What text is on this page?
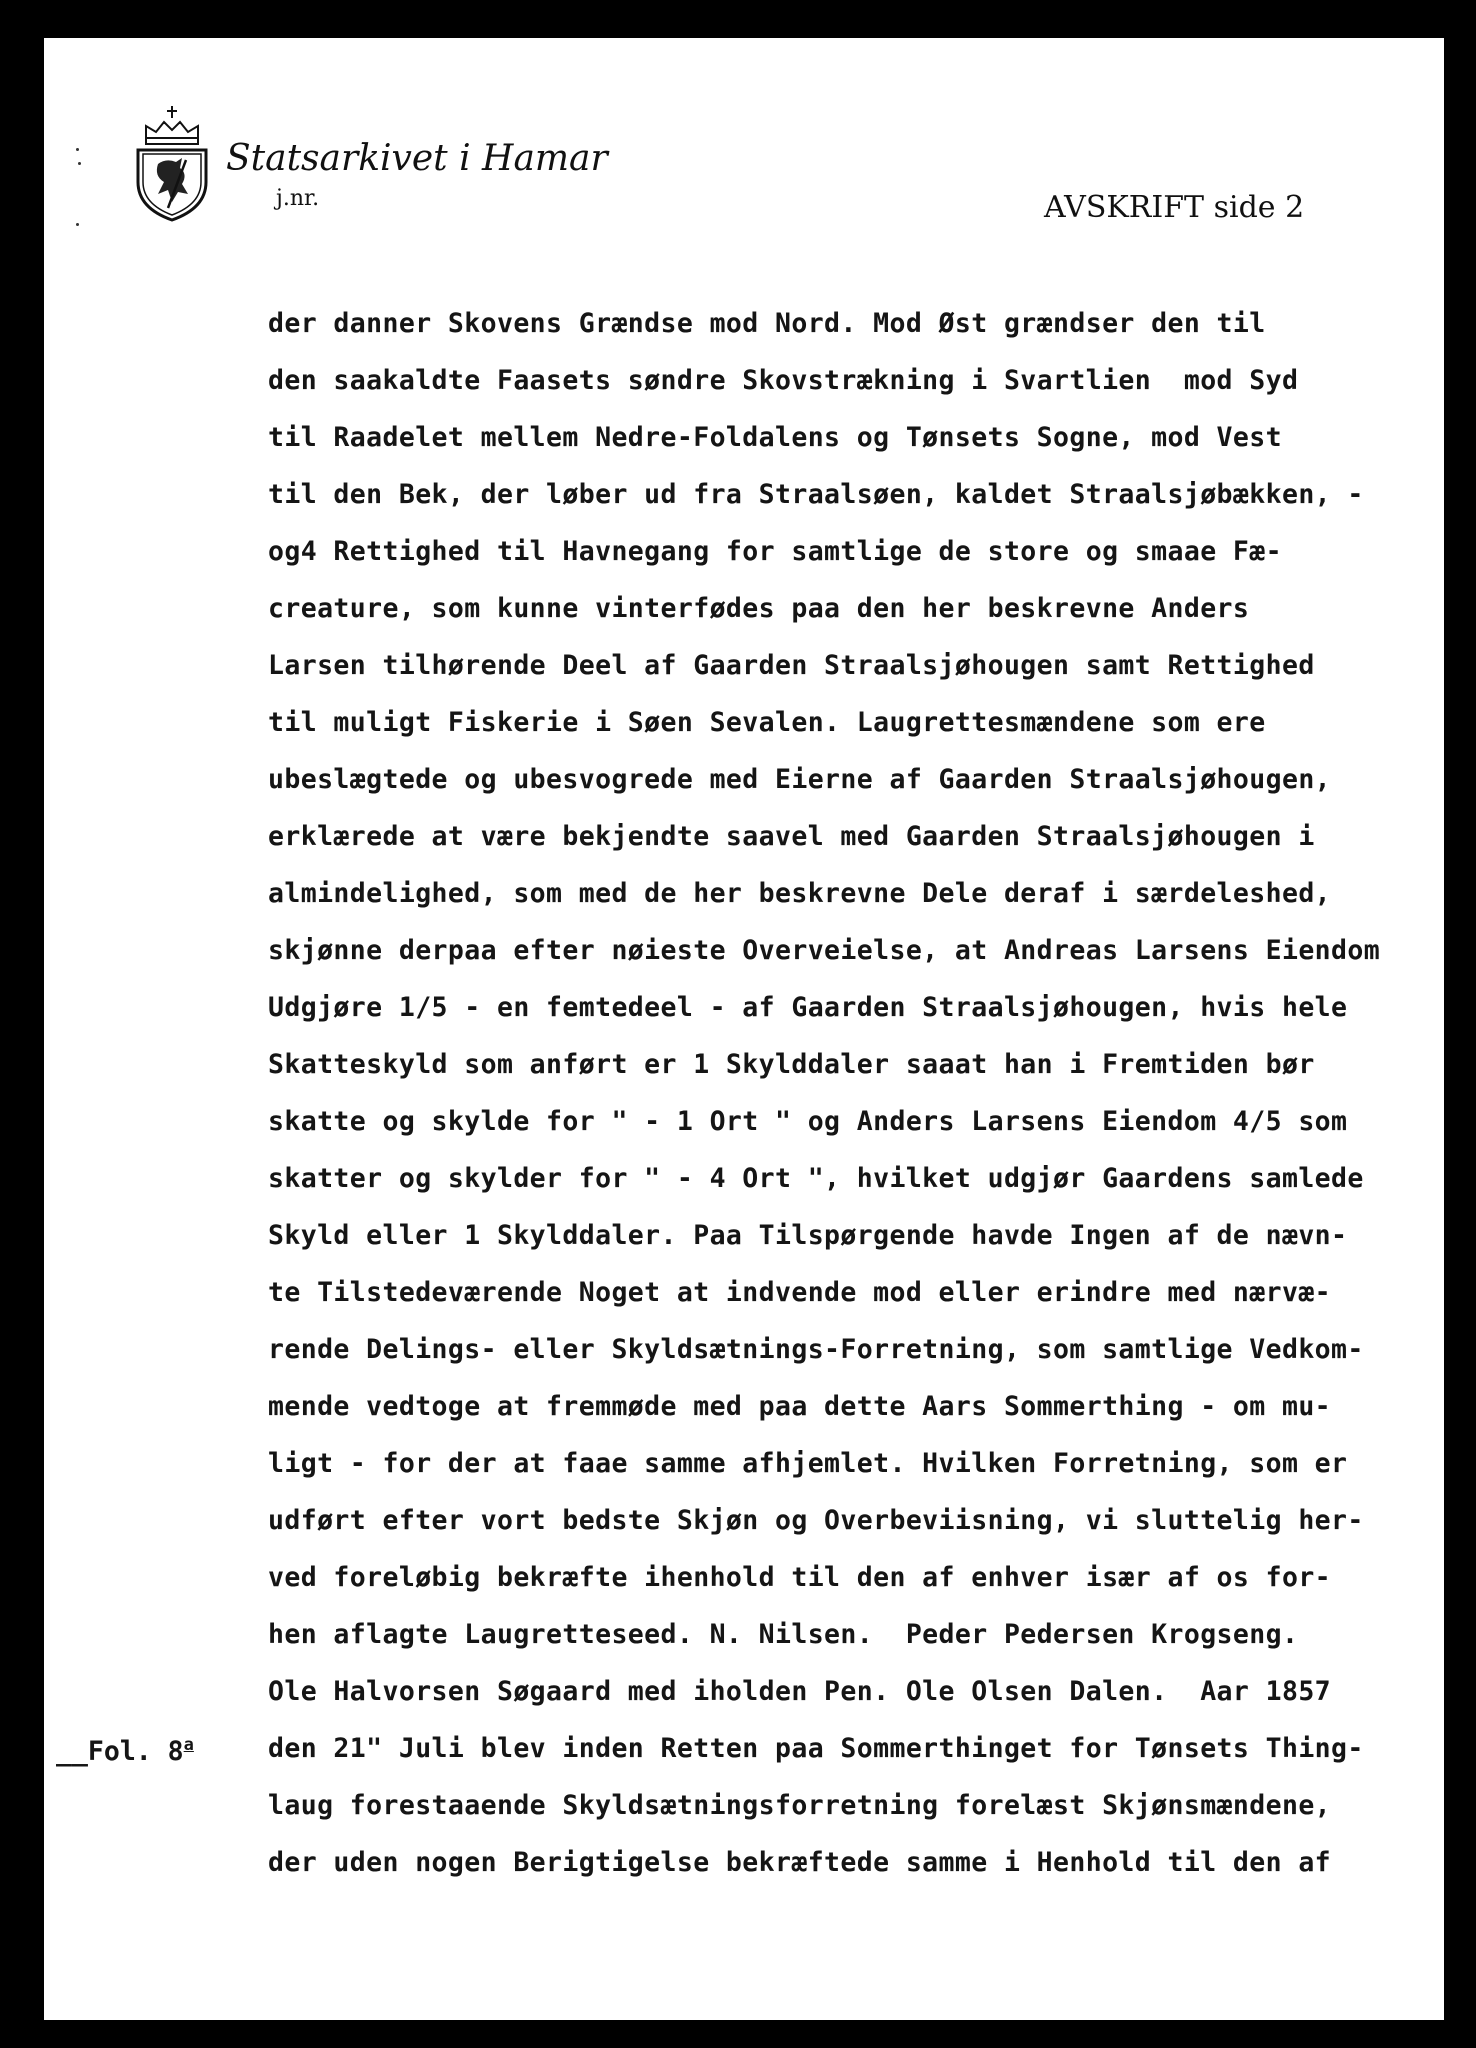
Statsarkivet i Hamar
j.nr.	AVSKRIFT side 2
__Fol. 8$^a$
der danner Skovens Grændse mod Nord. Mod Øst grændser den til
den saakaldte Faasets søndre Skovstrækning i Svartlien  mod Syd
til Raadelet mellem Nedre-Foldalens og Tønsets Sogne, mod Vest
til den Bek, der løber ud fra Straalsøen, kaldet Straalsjøbækken, -
og4 Rettighed til Havnegang for samtlige de store og smaae Fæ-
creature, som kunne vinterfødes paa den her beskrevne Anders
Larsen tilhørende Deel af Gaarden Straalsjøhougen samt Rettighed
til muligt Fiskerie i Søen Sevalen. Laugrettesmændene som ere
ubeslægtede og ubesvogrede med Eierne af Gaarden Straalsjøhougen,
erklærede at være bekjendte saavel med Gaarden Straalsjøhougen i
almindelighed, som med de her beskrevne Dele deraf i særdeleshed,
skjønne derpaa efter nøieste Overveielse, at Andreas Larsens Eiendom
Udgjøre 1/5 - en femtedeel - af Gaarden Straalsjøhougen, hvis hele
Skatteskyld som anført er 1 Skylddaler saaat han i Fremtiden bør
skatte og skylde for " - 1 Ort " og Anders Larsens Eiendom 4/5 som
skatter og skylder for " - 4 Ort ", hvilket udgjør Gaardens samlede
Skyld eller 1 Skylddaler. Paa Tilspørgende havde Ingen af de nævn-
te Tilstedeværende Noget at indvende mod eller erindre med nærvæ-
rende Delings- eller Skyldsætnings-Forretning, som samtlige Vedkom-
mende vedtoge at fremmøde med paa dette Aars Sommerthing - om mu-
ligt - for der at faae samme afhjemlet. Hvilken Forretning, som er
udført efter vort bedste Skjøn og Overbeviisning, vi sluttelig her-
ved foreløbig bekræfte ihenhold til den af enhver især af os for-
hen aflagte Laugretteseed. N. Nilsen.  Peder Pedersen Krogseng.
Ole Halvorsen Søgaard med iholden Pen. Ole Olsen Dalen.  Aar 1857
den 21" Juli blev inden Retten paa Sommerthinget for Tønsets Thing-
laug forestaaende Skyldsætningsforretning forelæst Skjønsmændene,
der uden nogen Berigtigelse bekræftede samme i Henhold til den af
